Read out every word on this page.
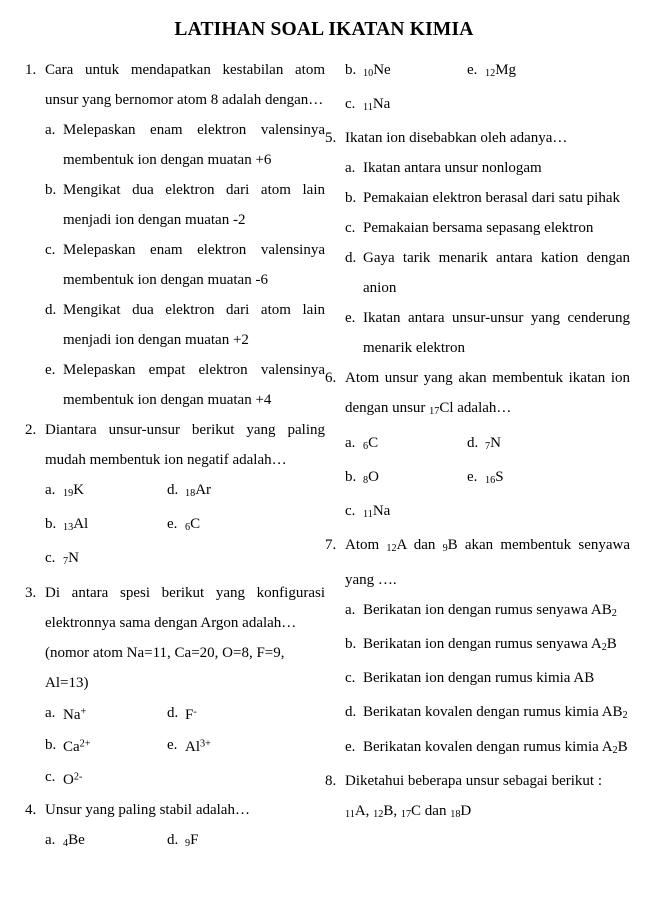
LATIHAN SOAL IKATAN KIMIA
1. Cara untuk mendapatkan kestabilan atom unsur yang bernomor atom 8 adalah dengan…
a. Melepaskan enam elektron valensinya membentuk ion dengan muatan +6
b. Mengikat dua elektron dari atom lain menjadi ion dengan muatan -2
c. Melepaskan enam elektron valensinya membentuk ion dengan muatan -6
d. Mengikat dua elektron dari atom lain menjadi ion dengan muatan +2
e. Melepaskan empat elektron valensinya membentuk ion dengan muatan +4
2. Diantara unsur-unsur berikut yang paling mudah membentuk ion negatif adalah…
a. $_{19}$K	d. $_{18}$Ar
b. $_{13}$Al	e. $_6$C
c. $_7$N
3. Di antara spesi berikut yang konfigurasi elektronnya sama dengan Argon adalah…
(nomor atom Na=11, Ca=20, O=8, F=9, Al=13)
a. Na+	d. F-
b. $Ca^{2+}$	e. $Al^{3+}$
c. $O^{2-}$
4. Unsur yang paling stabil adalah…
a. $_4$Be	d. $_9$F
b. $_{10}$Ne	e. $_{12}$Mg
c. $_{11}$Na
5. Ikatan ion disebabkan oleh adanya…
a. Ikatan antara unsur nonlogam
b. Pemakaian elektron berasal dari satu pihak
c. Pemakaian bersama sepasang elektron
d. Gaya tarik menarik antara kation dengan anion
e. Ikatan antara unsur-unsur yang cenderung menarik elektron
6. Atom unsur yang akan membentuk ikatan ion dengan unsur $_{17}$Cl adalah…
a. $_6$C	d. $_7$N
b. $_8$O	e. $_{16}$S
c. $_{11}$Na
7. Atom $_{12}$A dan $_9$B akan membentuk senyawa yang ….
a. Berikatan ion dengan rumus senyawa $AB_2$
b. Berikatan ion dengan rumus senyawa $A_2B$
c. Berikatan ion dengan rumus kimia AB
d. Berikatan kovalen dengan rumus kimia $AB_2$
e. Berikatan kovalen dengan rumus kimia $A_2B$
8. Diketahui beberapa unsur sebagai berikut :
$_{11}$A, $_{12}$B, $_{17}$C dan $_{18}$D
